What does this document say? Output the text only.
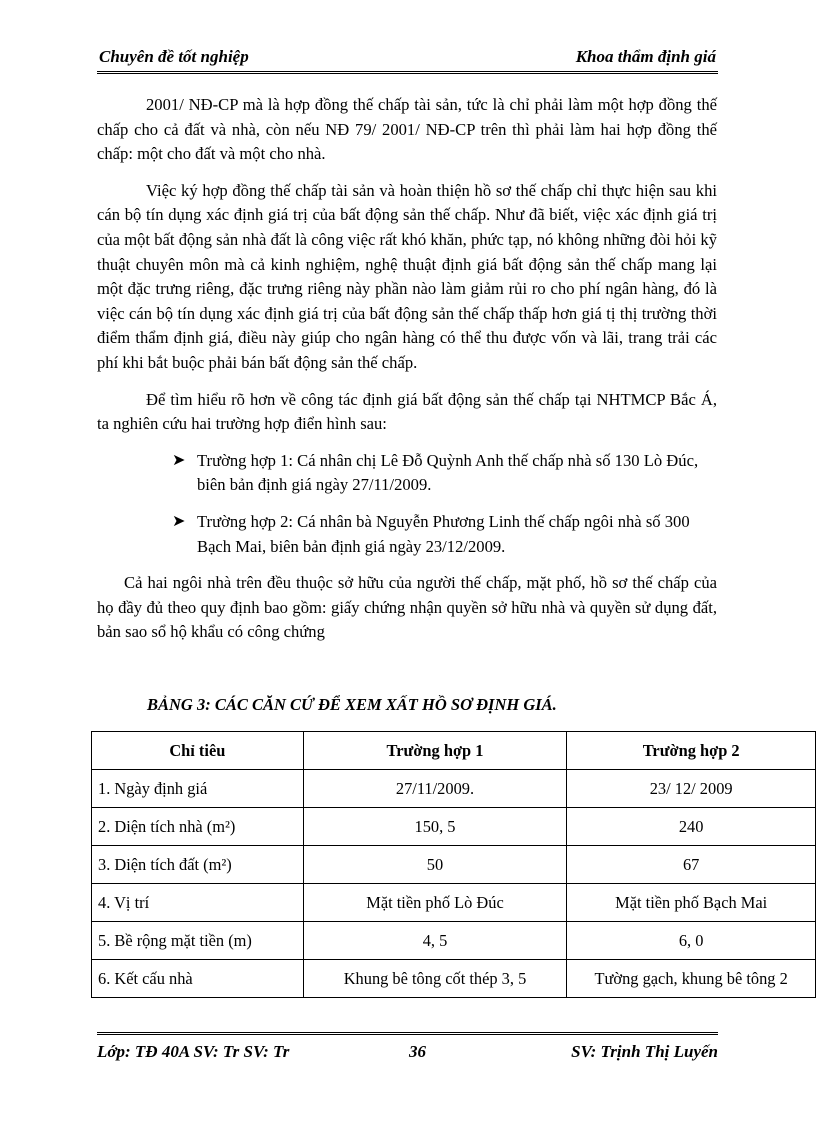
Chuyên đề tốt nghiệp	Khoa thẩm định giá

2001/ NĐ-CP mà là hợp đồng thế chấp tài sản, tức là chỉ phải làm một hợp đồng thế chấp cho cả đất và nhà, còn nếu NĐ 79/ 2001/ NĐ-CP trên thì phải làm hai hợp đồng thế chấp: một cho đất và một cho nhà.

Việc ký hợp đồng thế chấp tài sản và hoàn thiện hồ sơ thế chấp chỉ thực hiện sau khi cán bộ tín dụng xác định giá trị của bất động sản thế chấp. Như đã biết, việc xác định giá trị của một bất động sản nhà đất là công việc rất khó khăn, phức tạp, nó không những đòi hỏi kỹ thuật chuyên môn mà cả kinh nghiệm, nghệ thuật định giá bất động sản thế chấp mang lại một đặc trưng riêng, đặc trưng riêng này phần nào làm giảm rủi ro cho phí ngân hàng, đó là việc cán bộ tín dụng xác định giá trị của bất động sản thế chấp thấp hơn giá tị thị trường thời điểm thẩm định giá, điều này giúp cho ngân hàng có thể thu được vốn và lãi, trang trải các phí khi bắt buộc phải bán bất động sản thế chấp.

Để tìm hiểu rõ hơn về công tác định giá bất động sản thế chấp tại NHTMCP Bắc Á, ta nghiên cứu hai trường hợp điển hình sau:

➤ Trường hợp 1: Cá nhân chị Lê Đỗ Quỳnh Anh thế chấp nhà số 130 Lò Đúc, biên bản định giá ngày 27/11/2009.
➤ Trường hợp 2: Cá nhân bà Nguyễn Phương Linh thế chấp ngôi nhà số 300 Bạch Mai, biên bản định giá ngày 23/12/2009.

Cả hai ngôi nhà trên đều thuộc sở hữu của người thế chấp, mặt phố, hồ sơ thế chấp của họ đầy đủ theo quy định bao gồm: giấy chứng nhận quyền sở hữu nhà và quyền sử dụng đất, bản sao sổ hộ khẩu có công chứng

BẢNG 3: CÁC CĂN CỨ ĐỂ XEM XẤT HỒ SƠ ĐỊNH GIÁ.
Chỉ tiêu	Trường hợp 1	Trường hợp 2
1. Ngày định giá	27/11/2009.	23/ 12/ 2009
2. Diện tích nhà (m²)	150, 5	240
3. Diện tích đất (m²)	50	67
4. Vị trí	Mặt tiền phố Lò Đúc	Mặt tiền phố Bạch Mai
5. Bề rộng mặt tiền (m)	4, 5	6, 0
6. Kết cấu nhà	Khung bê tông cốt thép 3, 5	Tường gạch, khung bê tông 2
Lớp: TĐ 40A SV: Tr SV: Tr	36	SV: Trịnh Thị Luyến
